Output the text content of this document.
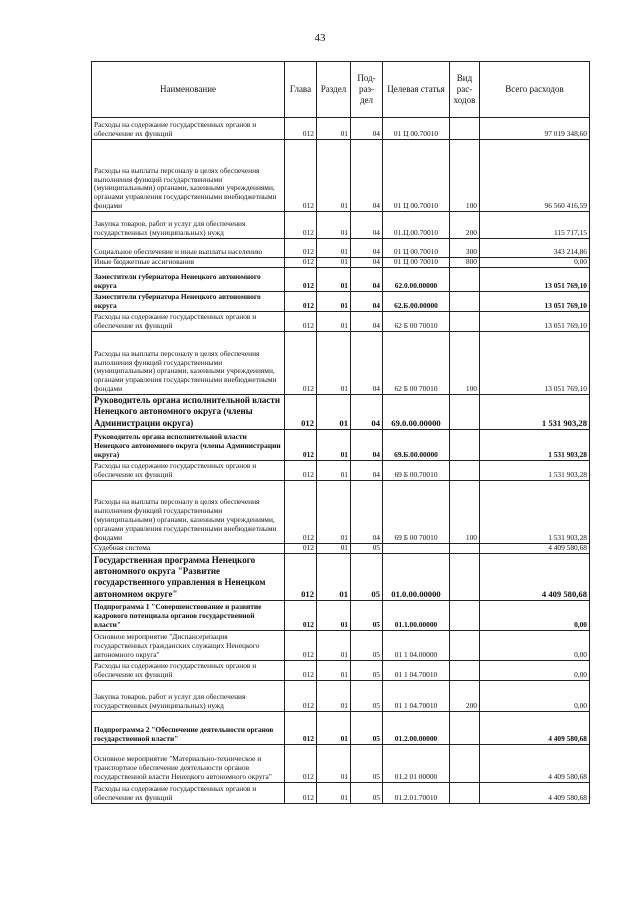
43
Наименование	Глава	Раздел	Под-раз-дел	Целевая статья	Вид рас-ходов	Всего расходов
Расходы на содержание государственных органов и обеспечение их функций	012	01	04	01 Ц 00.70010		97 019 348,60
Расходы на выплаты персоналу в целях обеспечения выполнения функций государственными (муниципальными) органами, казенными учреждениями, органами управления государственными внебюджетными фондами	012	01	04	01 Ц 00.70010	100	96 560 416,59
Закупка товаров, работ и услуг для обеспечения государственных (муниципальных) нужд	012	01	04	01.Ц.00.70010	200	115 717,15
Социальное обеспечение и иные выплаты населению	012	01	04	01 Ц 00.70010	300	343 214,86
Иные бюджетные ассигнования	012	01	04	01 Ц 00 70010	800	0,00
Заместители губернатора Ненецкого автономного округа	012	01	04	62.0.00.00000		13 051 769,10
Заместители губернатора Ненецкого автономного округа	012	01	04	62.Б.00.00000		13 051 769,10
Расходы на содержание государственных органов и обеспечение их функций	012	01	04	62 Б 00 70010		13 051 769,10
Расходы на выплаты персоналу в целях обеспечения выполнения функций государственными (муниципальными) органами, казенными учреждениями, органами управления государственными внебюджетными фондами	012	01	04	62 Б 00 70010	100	13 051 769,10
Руководитель органа исполнительной власти Ненецкого автономного округа (члены Администрации округа)	012	01	04	69.0.00.00000		1 531 903,28
Руководитель органа исполнительной власти Ненецкого автономного округа (члены Администрации округа)	012	01	04	69.Б.00.00000		1 531 903,28
Расходы на содержание государственных органов и обеспечение их функций	012	01	04	69 Б 00.70010		1 531 903,28
Расходы на выплаты персоналу в целях обеспечения выполнения функций государственными (муниципальными) органами, казенными учреждениями, органами управления государственными внебюджетными фондами	012	01	04	69 Б 00 70010	100	1 531 903,28
Судебная система	012	01	05			4 409 580,68
Государственная программа Ненецкого автономного округа "Развитие государственного управления в Ненецком автономном округе"	012	01	05	01.0.00.00000		4 409 580,68
Подпрограмма 1 "Совершенствование и развитие кадрового потенциала органов государственной власти"	012	01	05	01.1.00.00000		0,00
Основное мероприятие "Диспансеризация государственных гражданских служащих Ненецкого автономного округа"	012	01	05	01 1 04.00000		0,00
Расходы на содержание государственных органов и обеспечение их функций	012	01	05	01 1 04.70010		0,00
Закупка товаров, работ и услуг для обеспечения государственных (муниципальных) нужд	012	01	05	01 1 04.70010	200	0,00
Подпрограмма 2 "Обеспечение деятельности органов государственной власти"	012	01	05	01.2.00.00000		4 409 580,68
Основное мероприятие "Материально-техническое и транспортное обеспечение деятельности органов государственной власти Ненецкого автономного округа"	012	01	05	01.2 01 00000		4 409 580,68
Расходы на содержание государственных органов и обеспечение их функций	012	01	05	01.2.01.70010		4 409 580,68
